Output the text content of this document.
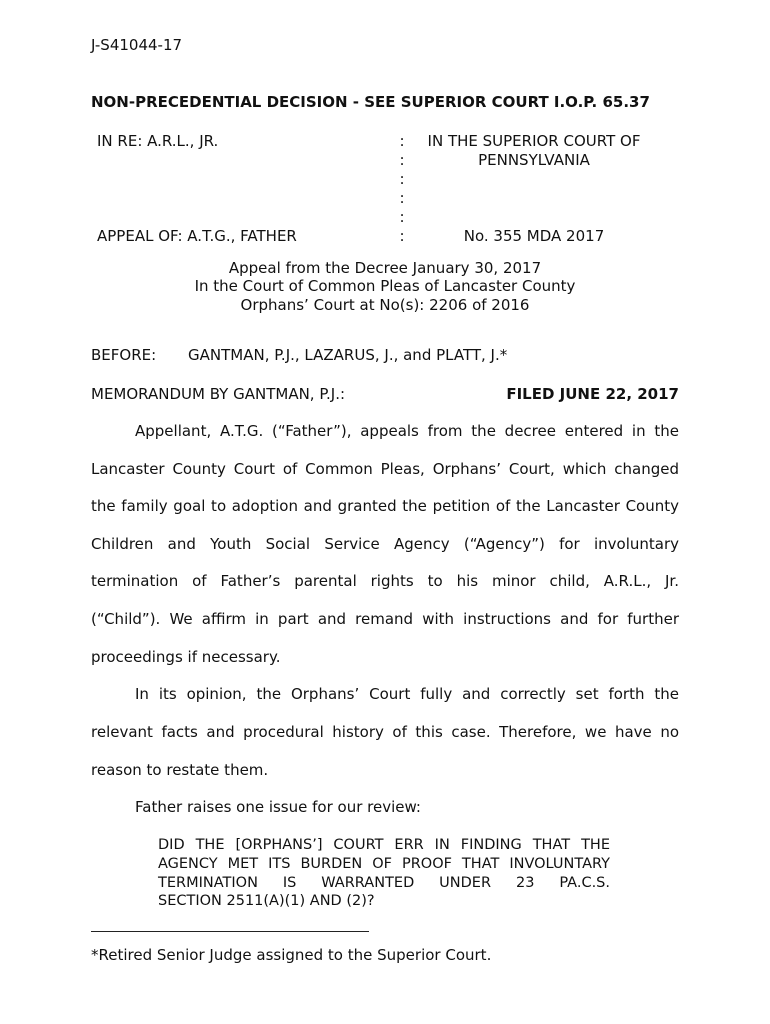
J-S41044-17
NON-PRECEDENTIAL DECISION - SEE SUPERIOR COURT I.O.P. 65.37
IN RE: A.R.L., JR.
APPEAL OF: A.T.G., FATHER
:
:
:
:
:
:
IN THE SUPERIOR COURT OF
PENNSYLVANIA
No. 355 MDA 2017
Appeal from the Decree January 30, 2017
In the Court of Common Pleas of Lancaster County
Orphans’ Court at No(s): 2206 of 2016
BEFORE: GANTMAN, P.J., LAZARUS, J., and PLATT, J.*
MEMORANDUM BY GANTMAN, P.J.:	FILED JUNE 22, 2017
Appellant, A.T.G. (“Father”), appeals from the decree entered in the
Lancaster County Court of Common Pleas, Orphans’ Court, which changed
the family goal to adoption and granted the petition of the Lancaster County
Children and Youth Social Service Agency (“Agency”) for involuntary
termination of Father’s parental rights to his minor child, A.R.L., Jr.
(“Child”). We affirm in part and remand with instructions and for further
proceedings if necessary.
In its opinion, the Orphans’ Court fully and correctly set forth the
relevant facts and procedural history of this case. Therefore, we have no
reason to restate them.
Father raises one issue for our review:
DID THE [ORPHANS’] COURT ERR IN FINDING THAT THE
AGENCY MET ITS BURDEN OF PROOF THAT INVOLUNTARY
TERMINATION IS WARRANTED UNDER 23 PA.C.S.
SECTION 2511(A)(1) AND (2)?
*Retired Senior Judge assigned to the Superior Court.
